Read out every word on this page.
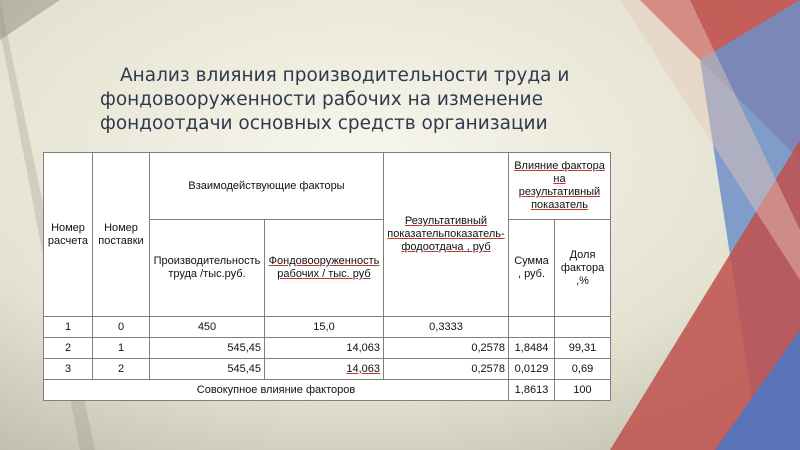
Анализ влияния производительности труда и
фондовооруженности рабочих на изменение
фондоотдачи основных средств организации
Номер расчета	Номер поставки	Взаимодействующие факторы		Результативный показательпоказатель-фодоотдача , руб	Влияние фактора на результативный показатель	
		Производительность труда /тыс.руб.	Фондовооруженность рабочих / тыс. руб		Сумма , руб.	Доля фактора ,%
1	0	450	15,0	0,3333		
2	1	545,45	14,063	0,2578	1,8484	99,31
3	2	545,45	14,063	0,2578	0,0129	0,69
Совокупное влияние факторов					1,8613	100
